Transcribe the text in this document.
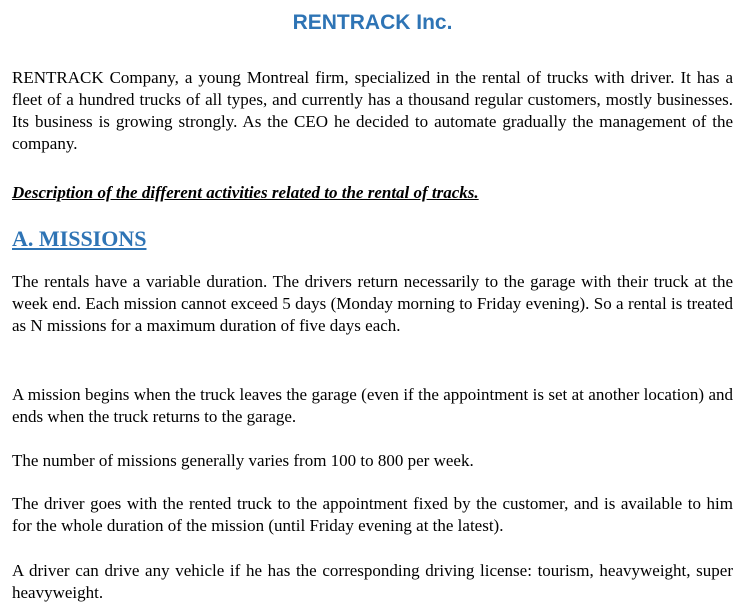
RENTRACK Inc.

RENTRACK Company, a young Montreal firm, specialized in the rental of trucks with driver. It has a fleet of a hundred trucks of all types, and currently has a thousand regular customers, mostly businesses. Its business is growing strongly. As the CEO he decided to automate gradually the management of the company.

Description of the different activities related to the rental of tracks.

A. MISSIONS

The rentals have a variable duration. The drivers return necessarily to the garage with their truck at the week end. Each mission cannot exceed 5 days (Monday morning to Friday evening). So a rental is treated as N missions for a maximum duration of five days each.

A mission begins when the truck leaves the garage (even if the appointment is set at another location) and ends when the truck returns to the garage.

The number of missions generally varies from 100 to 800 per week.

The driver goes with the rented truck to the appointment fixed by the customer, and is available to him for the whole duration of the mission (until Friday evening at the latest).

A driver can drive any vehicle if he has the corresponding driving license: tourism, heavyweight, super heavyweight.
